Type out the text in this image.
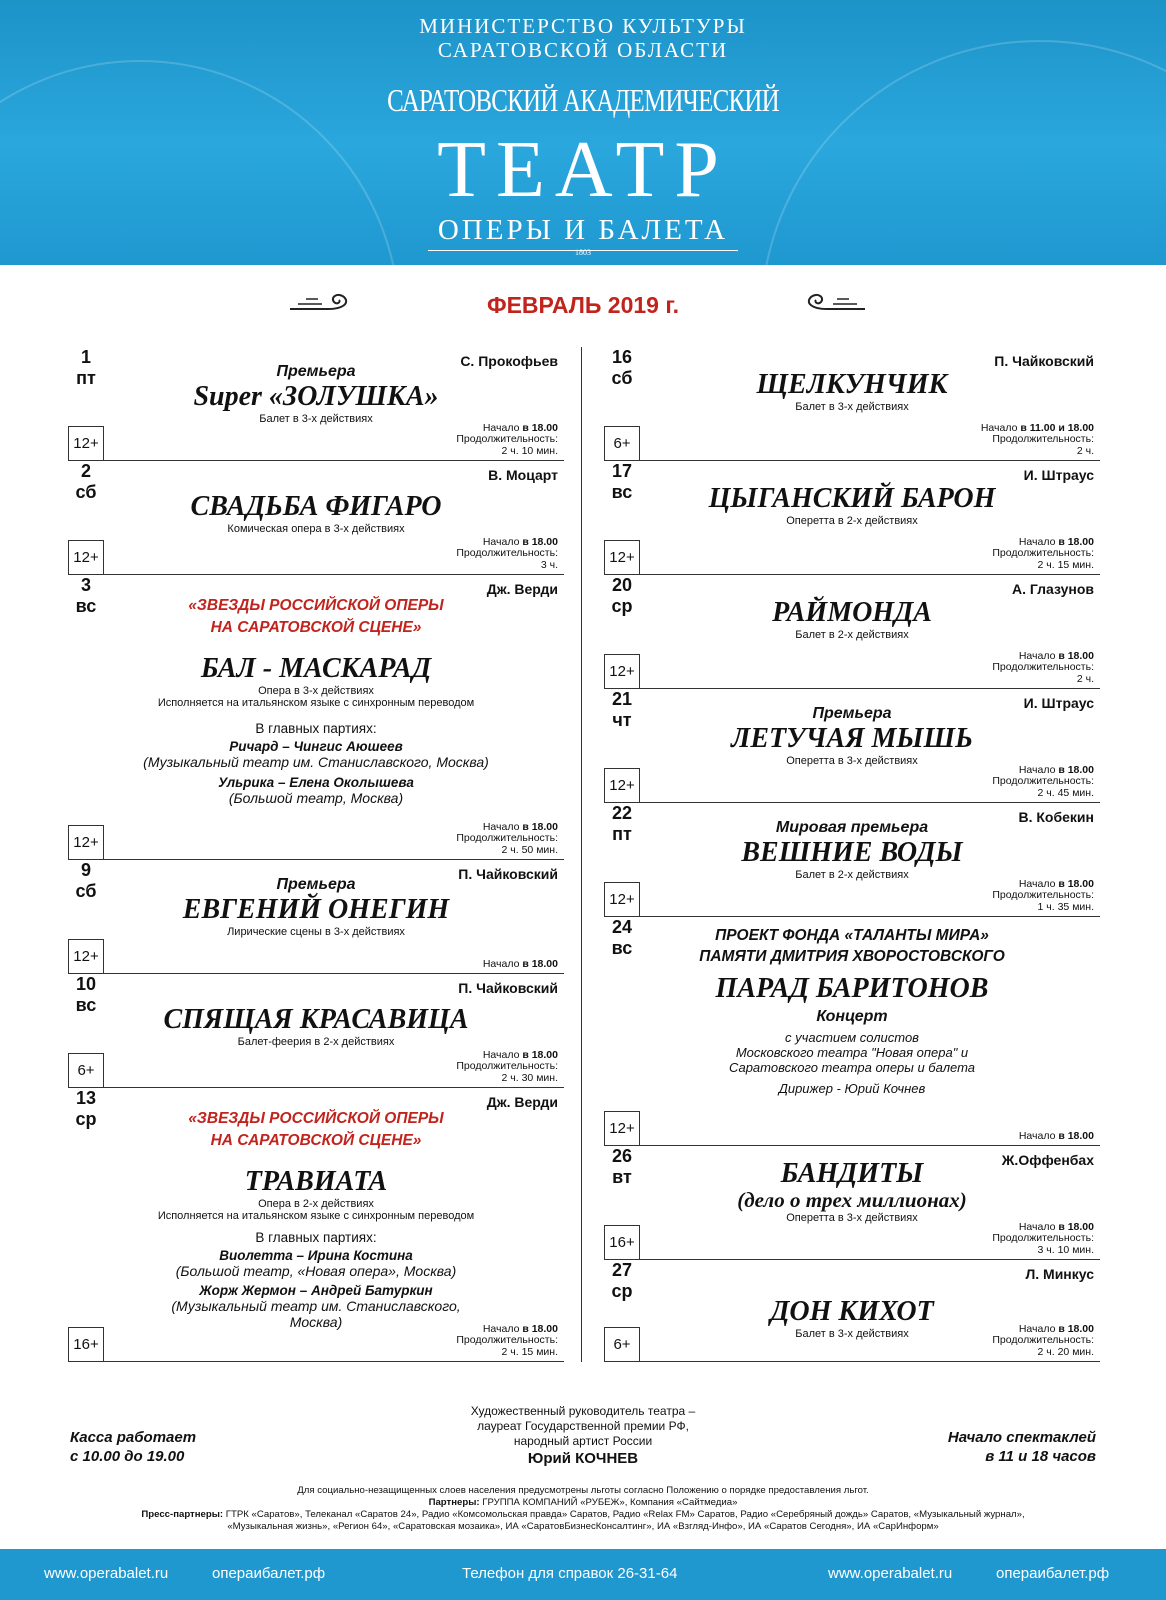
МИНИСТЕРСТВО КУЛЬТУРЫ
САРАТОВСКОЙ ОБЛАСТИ
САРАТОВСКИЙ АКАДЕМИЧЕСКИЙ
ТЕАТР
ОПЕРЫ И БАЛЕТА
1803
ФЕВРАЛЬ 2019 г.
1
пт
С. Прокофьев
Премьера
Super «ЗОЛУШКА»
Балет в 3-х действиях
Начало в 18.00
Продолжительность:
2 ч. 10 мин.
12+
2
сб
В. Моцарт
СВАДЬБА ФИГАРО
Комическая опера в 3-х действиях
Начало в 18.00
Продолжительность:
3 ч.
12+
3
вс
Дж. Верди
«ЗВЕЗДЫ РОССИЙСКОЙ ОПЕРЫ
НА САРАТОВСКОЙ СЦЕНЕ»
БАЛ - МАСКАРАД
Опера в 3-х действиях
Исполняется на итальянском языке с синхронным переводом
В главных партиях:
Ричард – Чингис Аюшеев
(Музыкальный театр им. Станиславского, Москва)
Ульрика – Елена Околышева
(Большой театр, Москва)
Начало в 18.00
Продолжительность:
2 ч. 50 мин.
12+
9
сб
П. Чайковский
Премьера
ЕВГЕНИЙ ОНЕГИН
Лирические сцены в 3-х действиях
Начало в 18.00
12+
10
вс
П. Чайковский
СПЯЩАЯ КРАСАВИЦА
Балет-феерия в 2-х действиях
Начало в 18.00
Продолжительность:
2 ч. 30 мин.
6+
13
ср
Дж. Верди
«ЗВЕЗДЫ РОССИЙСКОЙ ОПЕРЫ
НА САРАТОВСКОЙ СЦЕНЕ»
ТРАВИАТА
Опера в 2-х действиях
Исполняется на итальянском языке с синхронным переводом
В главных партиях:
Виолетта – Ирина Костина
(Большой театр, «Новая опера», Москва)
Жорж Жермон – Андрей Батуркин
(Музыкальный театр им. Станиславского,
Москва)	Начало в 18.00
Продолжительность:
2 ч. 15 мин.
16+
16
сб
П. Чайковский
ЩЕЛКУНЧИК
Балет в 3-х действиях
Начало в 11.00 и 18.00
Продолжительность:
2 ч.
6+
17
вс
И. Штраус
ЦЫГАНСКИЙ БАРОН
Оперетта в 2-х действиях
Начало в 18.00
Продолжительность:
2 ч. 15 мин.
12+
20
ср
А. Глазунов
РАЙМОНДА
Балет в 2-х действиях
Начало в 18.00
Продолжительность:
2 ч.
12+
21
чт
И. Штраус
Премьера
ЛЕТУЧАЯ МЫШЬ
Оперетта в 3-х действиях
Начало в 18.00
Продолжительность:
2 ч. 45 мин.
12+
22
пт
В. Кобекин
Мировая премьера
ВЕШНИЕ ВОДЫ
Балет в 2-х действиях
Начало в 18.00
Продолжительность:
1 ч. 35 мин.
12+
24
вс
ПРОЕКТ ФОНДА «ТАЛАНТЫ МИРА»
ПАМЯТИ ДМИТРИЯ ХВОРОСТОВСКОГО
ПАРАД БАРИТОНОВ
Концерт
с участием солистов
Московского театра "Новая опера" и
Саратовского театра оперы и балета
Дирижер - Юрий Кочнев
Начало в 18.00
12+
26
вт
Ж.Оффенбах
БАНДИТЫ
(дело о трех миллионах)
Оперетта в 3-х действиях
Начало в 18.00
Продолжительность:
3 ч. 10 мин.
16+
27
ср
Л. Минкус
ДОН КИХОТ
Балет в 3-х действиях	Начало в 18.00
Продолжительность:
2 ч. 20 мин.
6+
Художественный руководитель театра –
лауреат Государственной премии РФ,
народный артист России
Юрий КОЧНЕВ
Касса работает
с 10.00 до 19.00
Начало спектаклей
в 11 и 18 часов
Для социально-незащищенных слоев населения предусмотрены льготы согласно Положению о порядке предоставления льгот.
Партнеры: ГРУППА КОМПАНИЙ «РУБЕЖ», Компания «Сайтмедиа»
Пресс-партнеры: ГТРК «Саратов», Телеканал «Саратов 24», Радио «Комсомольская правда» Саратов, Радио «Relax FM» Саратов, Радио «Серебряный дождь» Саратов, «Музыкальный журнал»,
«Музыкальная жизнь», «Регион 64», «Саратовская мозаика», ИА «СаратовБизнесКонсалтинг», ИА «Взгляд-Инфо», ИА «Саратов Сегодня», ИА «СарИнформ»
www.operabalet.ru	операибалет.рф	Телефон для справок 26-31-64	www.operabalet.ru	операибалет.рф
